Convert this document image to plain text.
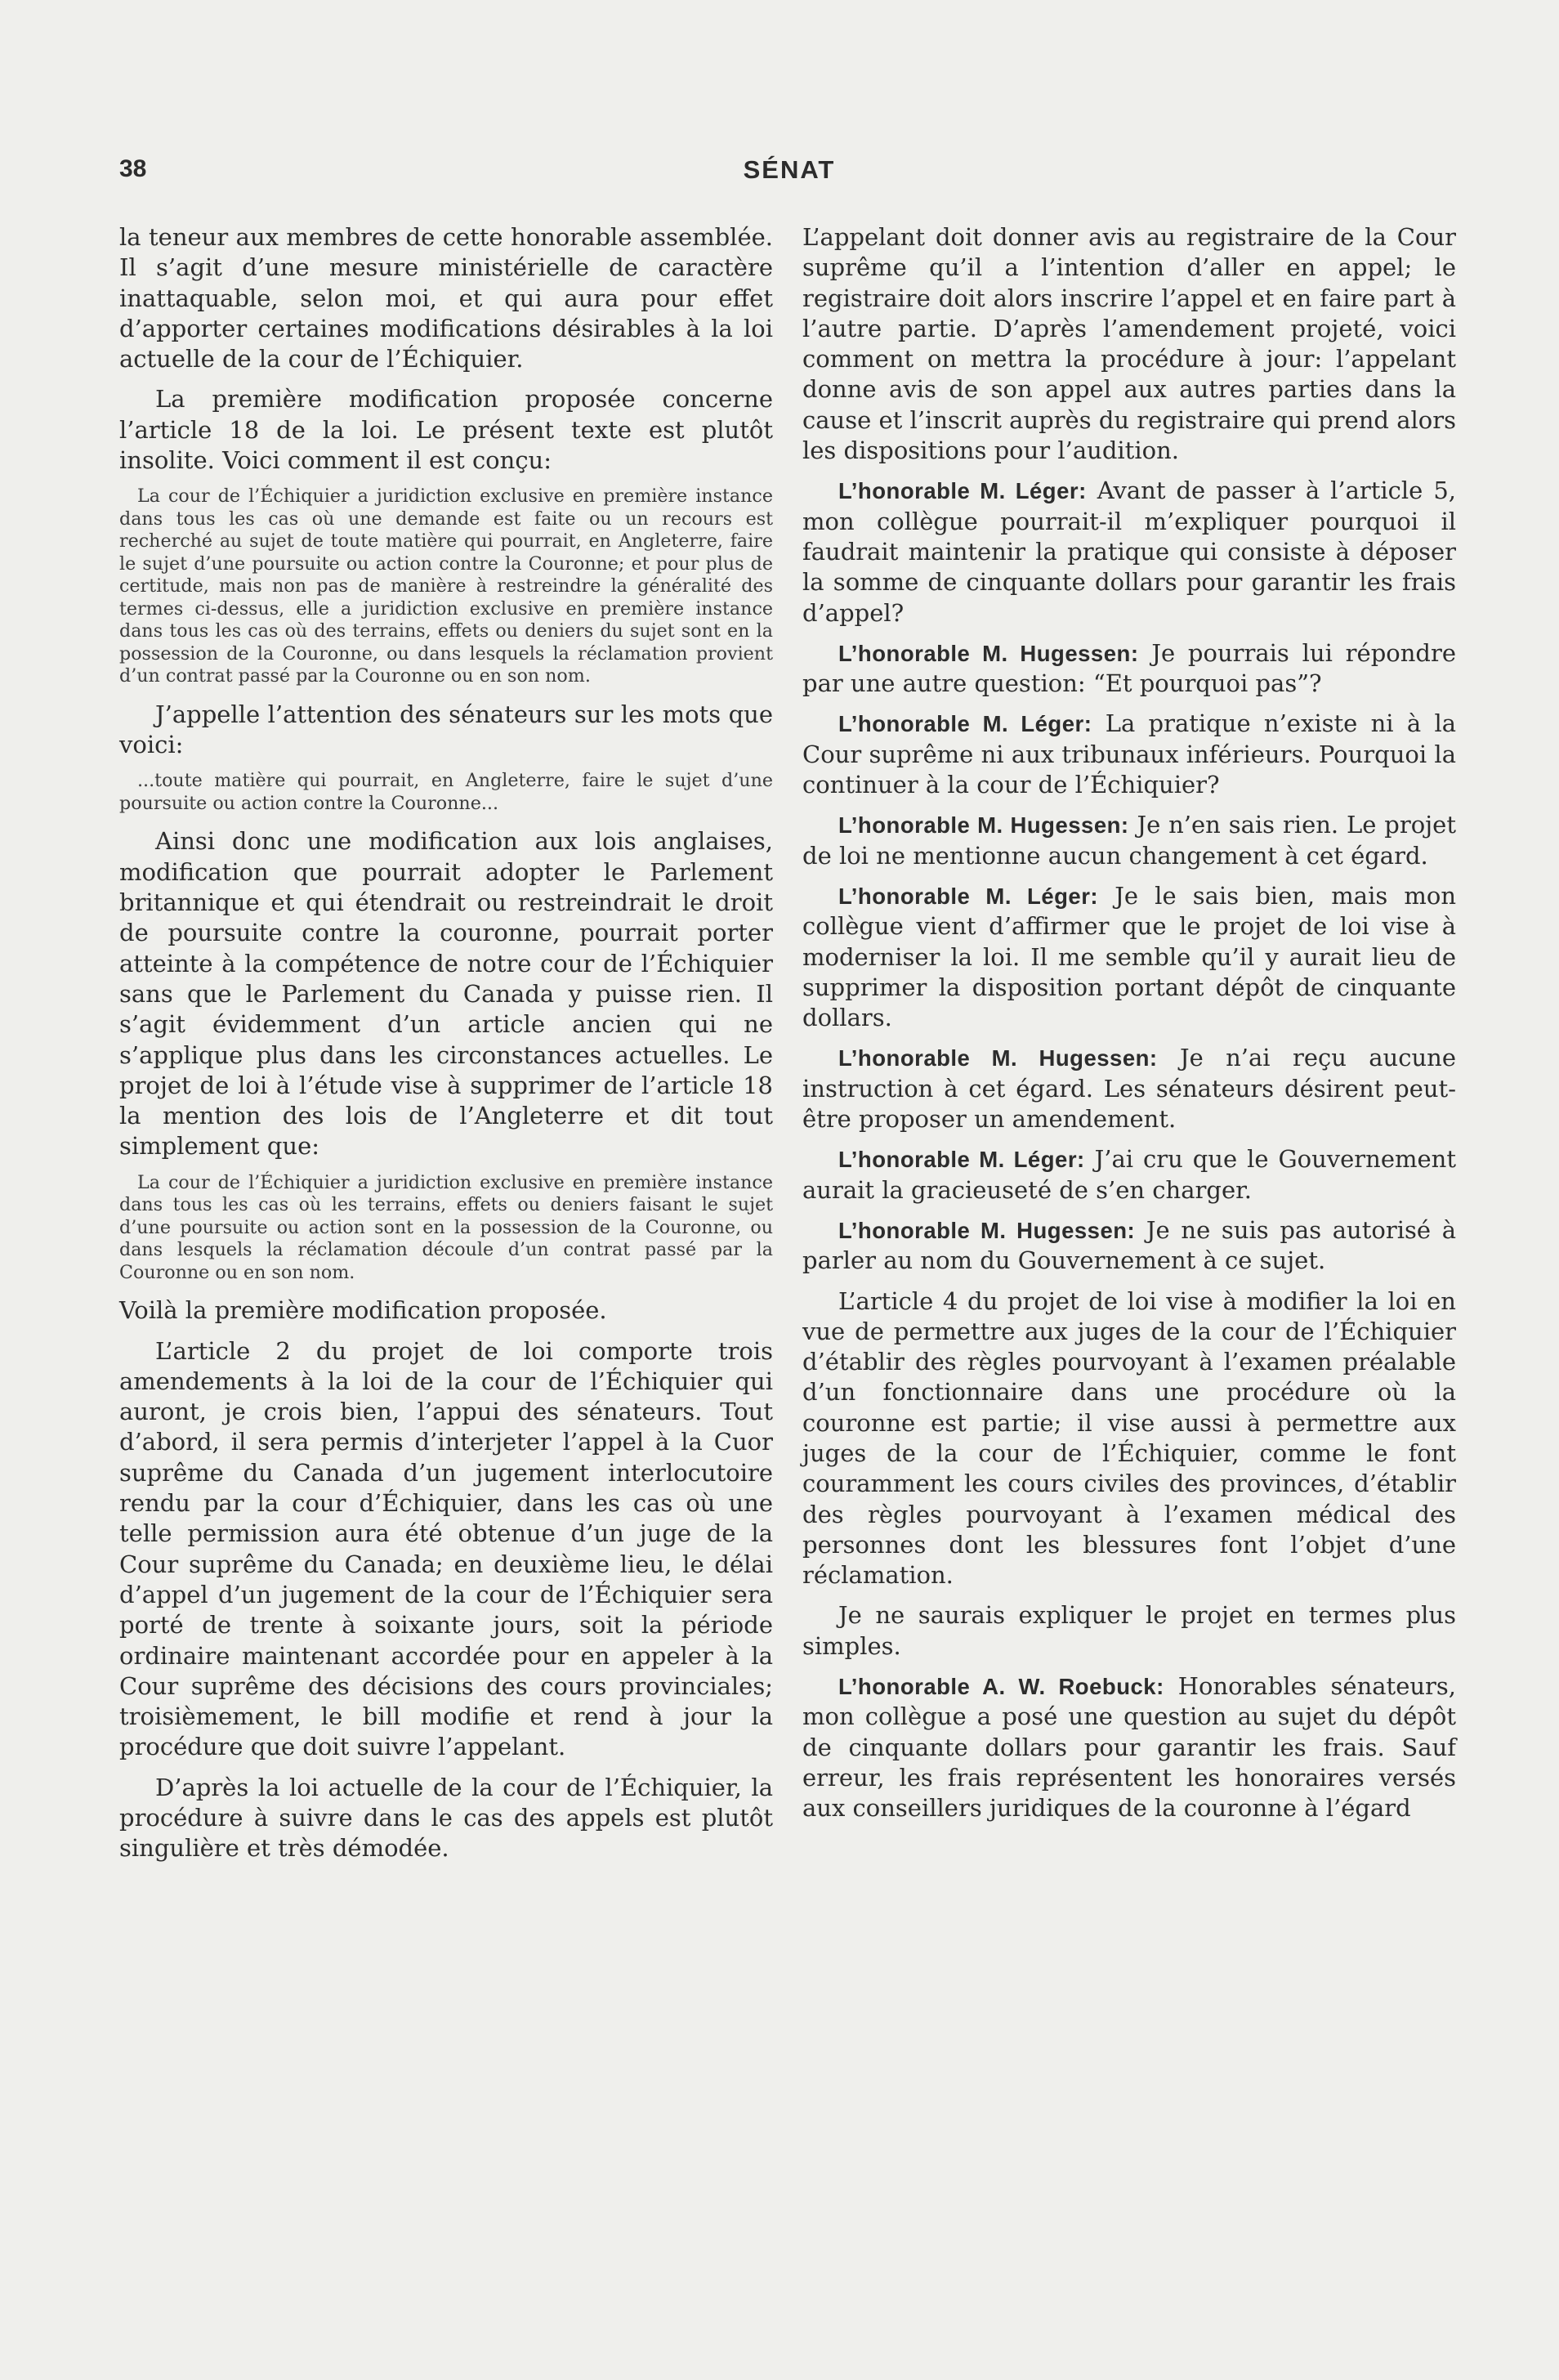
38	SÉNAT

la teneur aux membres de cette honorable assemblée. Il s’agit d’une mesure ministérielle de caractère inattaquable, selon moi, et qui aura pour effet d’apporter certaines modifications désirables à la loi actuelle de la cour de l’Échiquier.

La première modification proposée concerne l’article 18 de la loi. Le présent texte est plutôt insolite. Voici comment il est conçu:

La cour de l’Échiquier a juridiction exclusive en première instance dans tous les cas où une demande est faite ou un recours est recherché au sujet de toute matière qui pourrait, en Angleterre, faire le sujet d’une poursuite ou action contre la Couronne; et pour plus de certitude, mais non pas de manière à restreindre la généralité des termes ci-dessus, elle a juridiction exclusive en première instance dans tous les cas où des terrains, effets ou deniers du sujet sont en la possession de la Couronne, ou dans lesquels la réclamation provient d’un contrat passé par la Couronne ou en son nom.

J’appelle l’attention des sénateurs sur les mots que voici:

...toute matière qui pourrait, en Angleterre, faire le sujet d’une poursuite ou action contre la Couronne...

Ainsi donc une modification aux lois anglaises, modification que pourrait adopter le Parlement britannique et qui étendrait ou restreindrait le droit de poursuite contre la couronne, pourrait porter atteinte à la compétence de notre cour de l’Échiquier sans que le Parlement du Canada y puisse rien. Il s’agit évidemment d’un article ancien qui ne s’applique plus dans les circonstances actuelles. Le projet de loi à l’étude vise à supprimer de l’article 18 la mention des lois de l’Angleterre et dit tout simplement que:

La cour de l’Échiquier a juridiction exclusive en première instance dans tous les cas où les terrains, effets ou deniers faisant le sujet d’une poursuite ou action sont en la possession de la Couronne, ou dans lesquels la réclamation découle d’un contrat passé par la Couronne ou en son nom.

Voilà la première modification proposée.

L’article 2 du projet de loi comporte trois amendements à la loi de la cour de l’Échiquier qui auront, je crois bien, l’appui des sénateurs. Tout d’abord, il sera permis d’interjeter l’appel à la Cuor suprême du Canada d’un jugement interlocutoire rendu par la cour d’Échiquier, dans les cas où une telle permission aura été obtenue d’un juge de la Cour suprême du Canada; en deuxième lieu, le délai d’appel d’un jugement de la cour de l’Échiquier sera porté de trente à soixante jours, soit la période ordinaire maintenant accordée pour en appeler à la Cour suprême des décisions des cours provinciales; troisièmement, le bill modifie et rend à jour la procédure que doit suivre l’appelant.

D’après la loi actuelle de la cour de l’Échiquier, la procédure à suivre dans le cas des appels est plutôt singulière et très démodée.

L’appelant doit donner avis au registraire de la Cour suprême qu’il a l’intention d’aller en appel; le registraire doit alors inscrire l’appel et en faire part à l’autre partie. D’après l’amendement projeté, voici comment on mettra la procédure à jour: l’appelant donne avis de son appel aux autres parties dans la cause et l’inscrit auprès du registraire qui prend alors les dispositions pour l’audition.

L’honorable M. Léger: Avant de passer à l’article 5, mon collègue pourrait-il m’expliquer pourquoi il faudrait maintenir la pratique qui consiste à déposer la somme de cinquante dollars pour garantir les frais d’appel?

L’honorable M. Hugessen: Je pourrais lui répondre par une autre question: “Et pourquoi pas”?

L’honorable M. Léger: La pratique n’existe ni à la Cour suprême ni aux tribunaux inférieurs. Pourquoi la continuer à la cour de l’Échiquier?

L’honorable M. Hugessen: Je n’en sais rien. Le projet de loi ne mentionne aucun changement à cet égard.

L’honorable M. Léger: Je le sais bien, mais mon collègue vient d’affirmer que le projet de loi vise à moderniser la loi. Il me semble qu’il y aurait lieu de supprimer la disposition portant dépôt de cinquante dollars.

L’honorable M. Hugessen: Je n’ai reçu aucune instruction à cet égard. Les sénateurs désirent peut-être proposer un amendement.

L’honorable M. Léger: J’ai cru que le Gouvernement aurait la gracieuseté de s’en charger.

L’honorable M. Hugessen: Je ne suis pas autorisé à parler au nom du Gouvernement à ce sujet.

L’article 4 du projet de loi vise à modifier la loi en vue de permettre aux juges de la cour de l’Échiquier d’établir des règles pourvoyant à l’examen préalable d’un fonctionnaire dans une procédure où la couronne est partie; il vise aussi à permettre aux juges de la cour de l’Échiquier, comme le font couramment les cours civiles des provinces, d’établir des règles pourvoyant à l’examen médical des personnes dont les blessures font l’objet d’une réclamation.

Je ne saurais expliquer le projet en termes plus simples.

L’honorable A. W. Roebuck: Honorables sénateurs, mon collègue a posé une question au sujet du dépôt de cinquante dollars pour garantir les frais. Sauf erreur, les frais représentent les honoraires versés aux conseillers juridiques de la couronne à l’égard
